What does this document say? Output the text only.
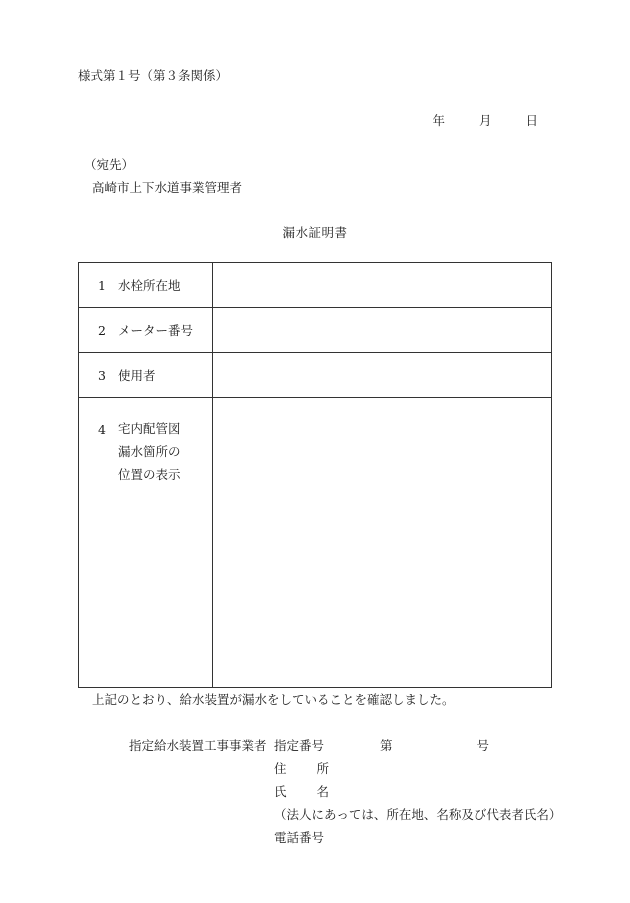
様式第１号（第３条関係）
年	月	日
（宛先）
高崎市上下水道事業管理者
漏水証明書
1 水栓所在地	
2 メーター番号	
3 使用者	
4 宅内配管図
漏水箇所の
位置の表示	

上記のとおり、給水装置が漏水をしていることを確認しました。
指定給水装置工事事業者 指定番号	第	号
住 所
氏 名
（法人にあっては、所在地、名称及び代表者氏名）
電話番号
